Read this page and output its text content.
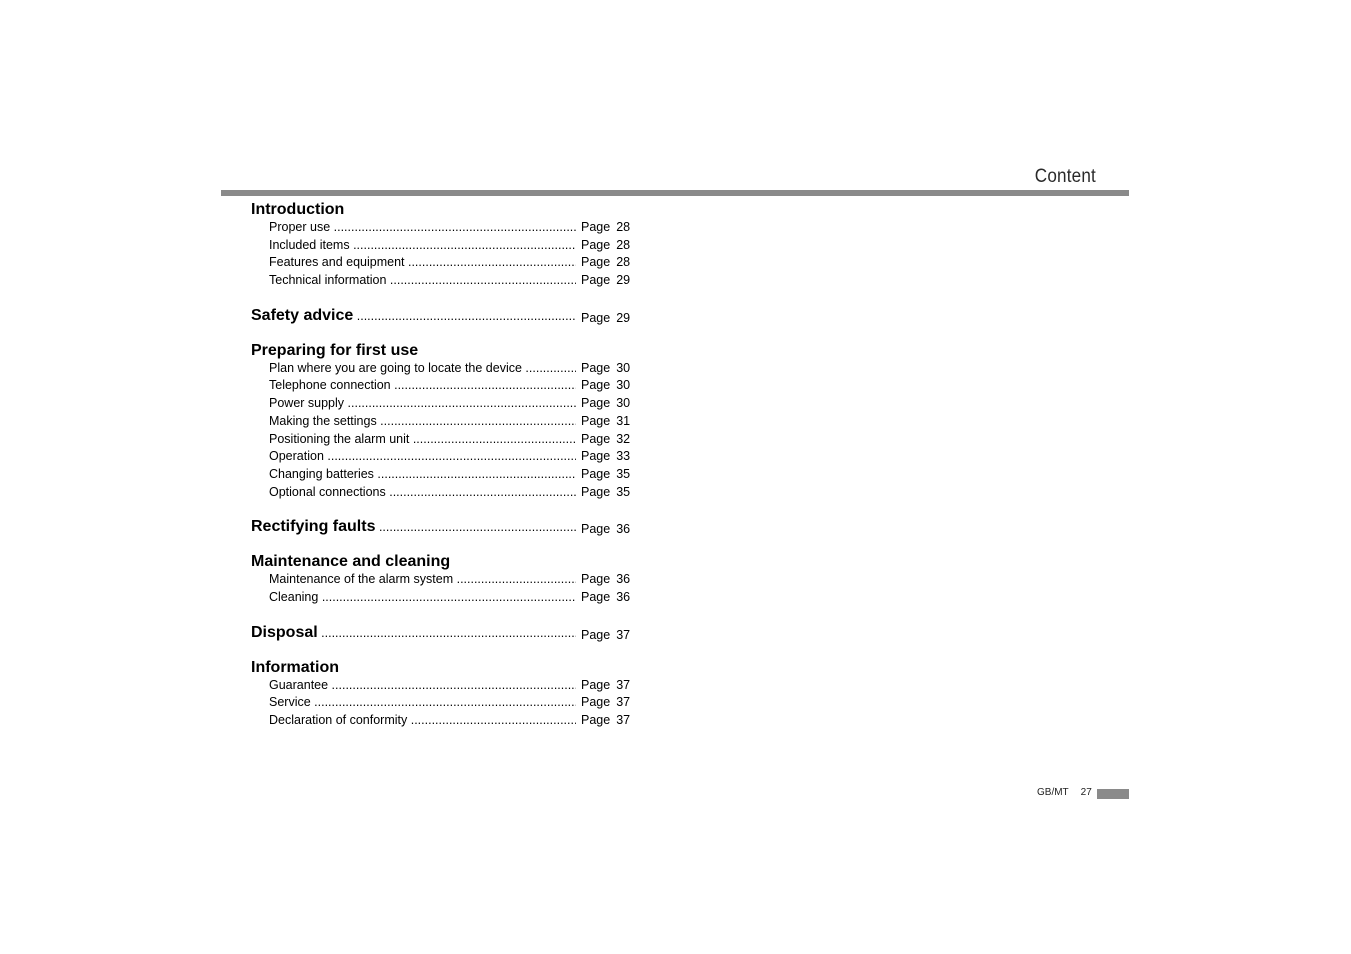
Content
Introduction
Proper use .....	Page 28
Included items .....	Page 28
Features and equipment .....	Page 28
Technical information .....	Page 29
Safety advice .....	Page 29
Preparing for first use
Plan where you are going to locate the device .....	Page 30
Telephone connection .....	Page 30
Power supply .....	Page 30
Making the settings .....	Page 31
Positioning the alarm unit .....	Page 32
Operation .....	Page 33
Changing batteries .....	Page 35
Optional connections .....	Page 35
Rectifying faults .....	Page 36
Maintenance and cleaning
Maintenance of the alarm system .....	Page 36
Cleaning .....	Page 36
Disposal .....	Page 37
Information
Guarantee .....	Page 37
Service .....	Page 37
Declaration of conformity .....	Page 37
GB/MT 27
